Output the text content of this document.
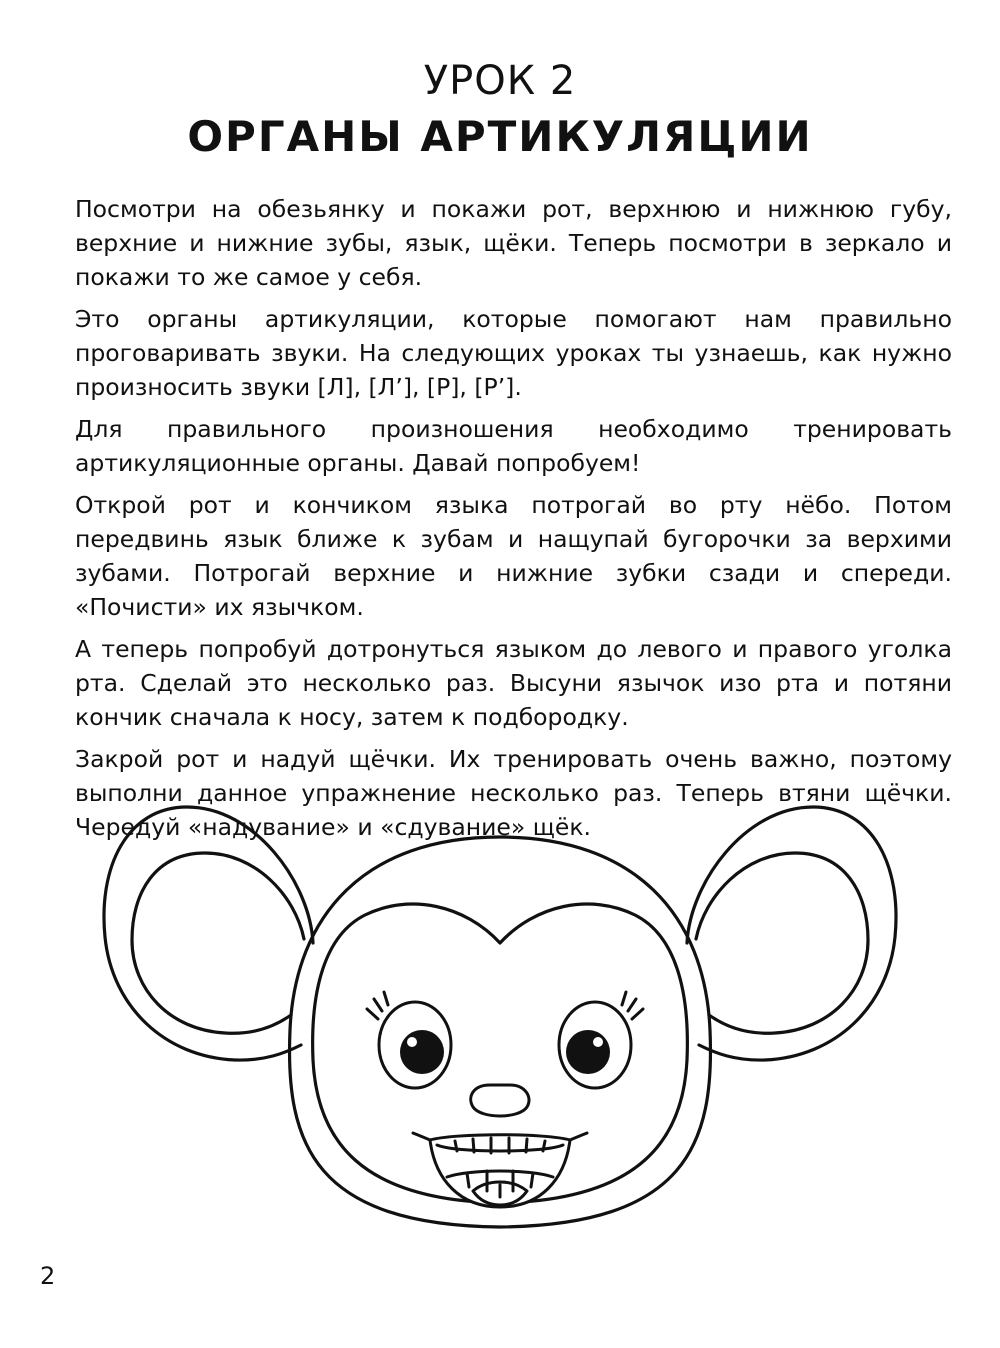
УРОК 2
ОРГАНЫ АРТИКУЛЯЦИИ

Посмотри на обезьянку и покажи рот, верхнюю и нижнюю губу, верхние и нижние зубы, язык, щёки. Теперь посмотри в зеркало и покажи то же самое у себя.

Это органы артикуляции, которые помогают нам правильно проговаривать звуки. На следующих уроках ты узнаешь, как нужно произносить звуки [Л], [Л’], [Р], [Р’].

Для правильного произношения необходимо тренировать артикуляционные органы. Давай попробуем!

Открой рот и кончиком языка потрогай во рту нёбо. Потом передвинь язык ближе к зубам и нащупай бугорочки за верхими зубами. Потрогай верхние и нижние зубки сзади и спереди. «Почисти» их язычком.

А теперь попробуй дотронуться языком до левого и правого уголка рта. Сделай это несколько раз. Высуни язычок изо рта и потяни кончик сначала к носу, затем к подбородку.

Закрой рот и надуй щёчки. Их тренировать очень важно, поэтому выполни данное упражнение несколько раз. Теперь втяни щёчки. Чередуй «надувание» и «сдувание» щёк.

2
